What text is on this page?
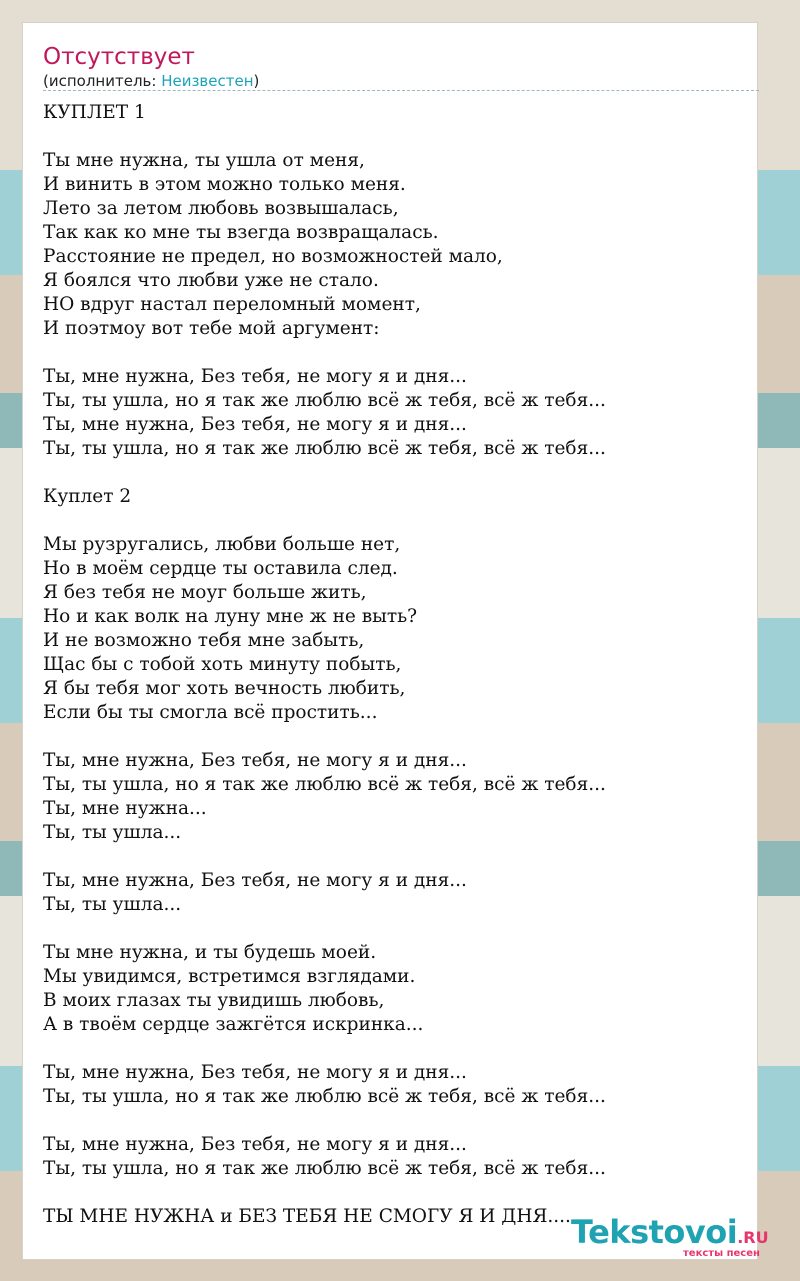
Отсутствует
(исполнитель: Неизвестен)
КУПЛЕТ 1
Ты мне нужна, ты ушла от меня,
И винить в этом можно только меня.
Лето за летом любовь возвышалась,
Так как ко мне ты взегда возвращалась.
Расстояние не предел, но возможностей мало,
Я боялся что любви уже не стало.
НО вдруг настал переломный момент,
И поэтмоу вот тебе мой аргумент:
Ты, мне нужна, Без тебя, не могу я и дня...
Ты, ты ушла, но я так же люблю всё ж тебя, всё ж тебя...
Ты, мне нужна, Без тебя, не могу я и дня...
Ты, ты ушла, но я так же люблю всё ж тебя, всё ж тебя...
Куплет 2
Мы рузругались, любви больше нет,
Но в моём сердце ты оставила след.
Я без тебя не моуг больше жить,
Но и как волк на луну мне ж не выть?
И не возможно тебя мне забыть,
Щас бы с тобой хоть минуту побыть,
Я бы тебя мог хоть вечность любить,
Если бы ты смогла всё простить...
Ты, мне нужна, Без тебя, не могу я и дня...
Ты, ты ушла, но я так же люблю всё ж тебя, всё ж тебя...
Ты, мне нужна...
Ты, ты ушла...
Ты, мне нужна, Без тебя, не могу я и дня...
Ты, ты ушла...
Ты мне нужна, и ты будешь моей.
Мы увидимся, встретимся взглядами.
В моих глазах ты увидишь любовь,
А в твоём сердце зажгётся искринка...
Ты, мне нужна, Без тебя, не могу я и дня...
Ты, ты ушла, но я так же люблю всё ж тебя, всё ж тебя...
Ты, мне нужна, Без тебя, не могу я и дня...
Ты, ты ушла, но я так же люблю всё ж тебя, всё ж тебя...
ТЫ МНЕ НУЖНА и БЕЗ ТЕБЯ НЕ СМОГУ Я И ДНЯ.....
Tekstovoi.RU
тексты песен
